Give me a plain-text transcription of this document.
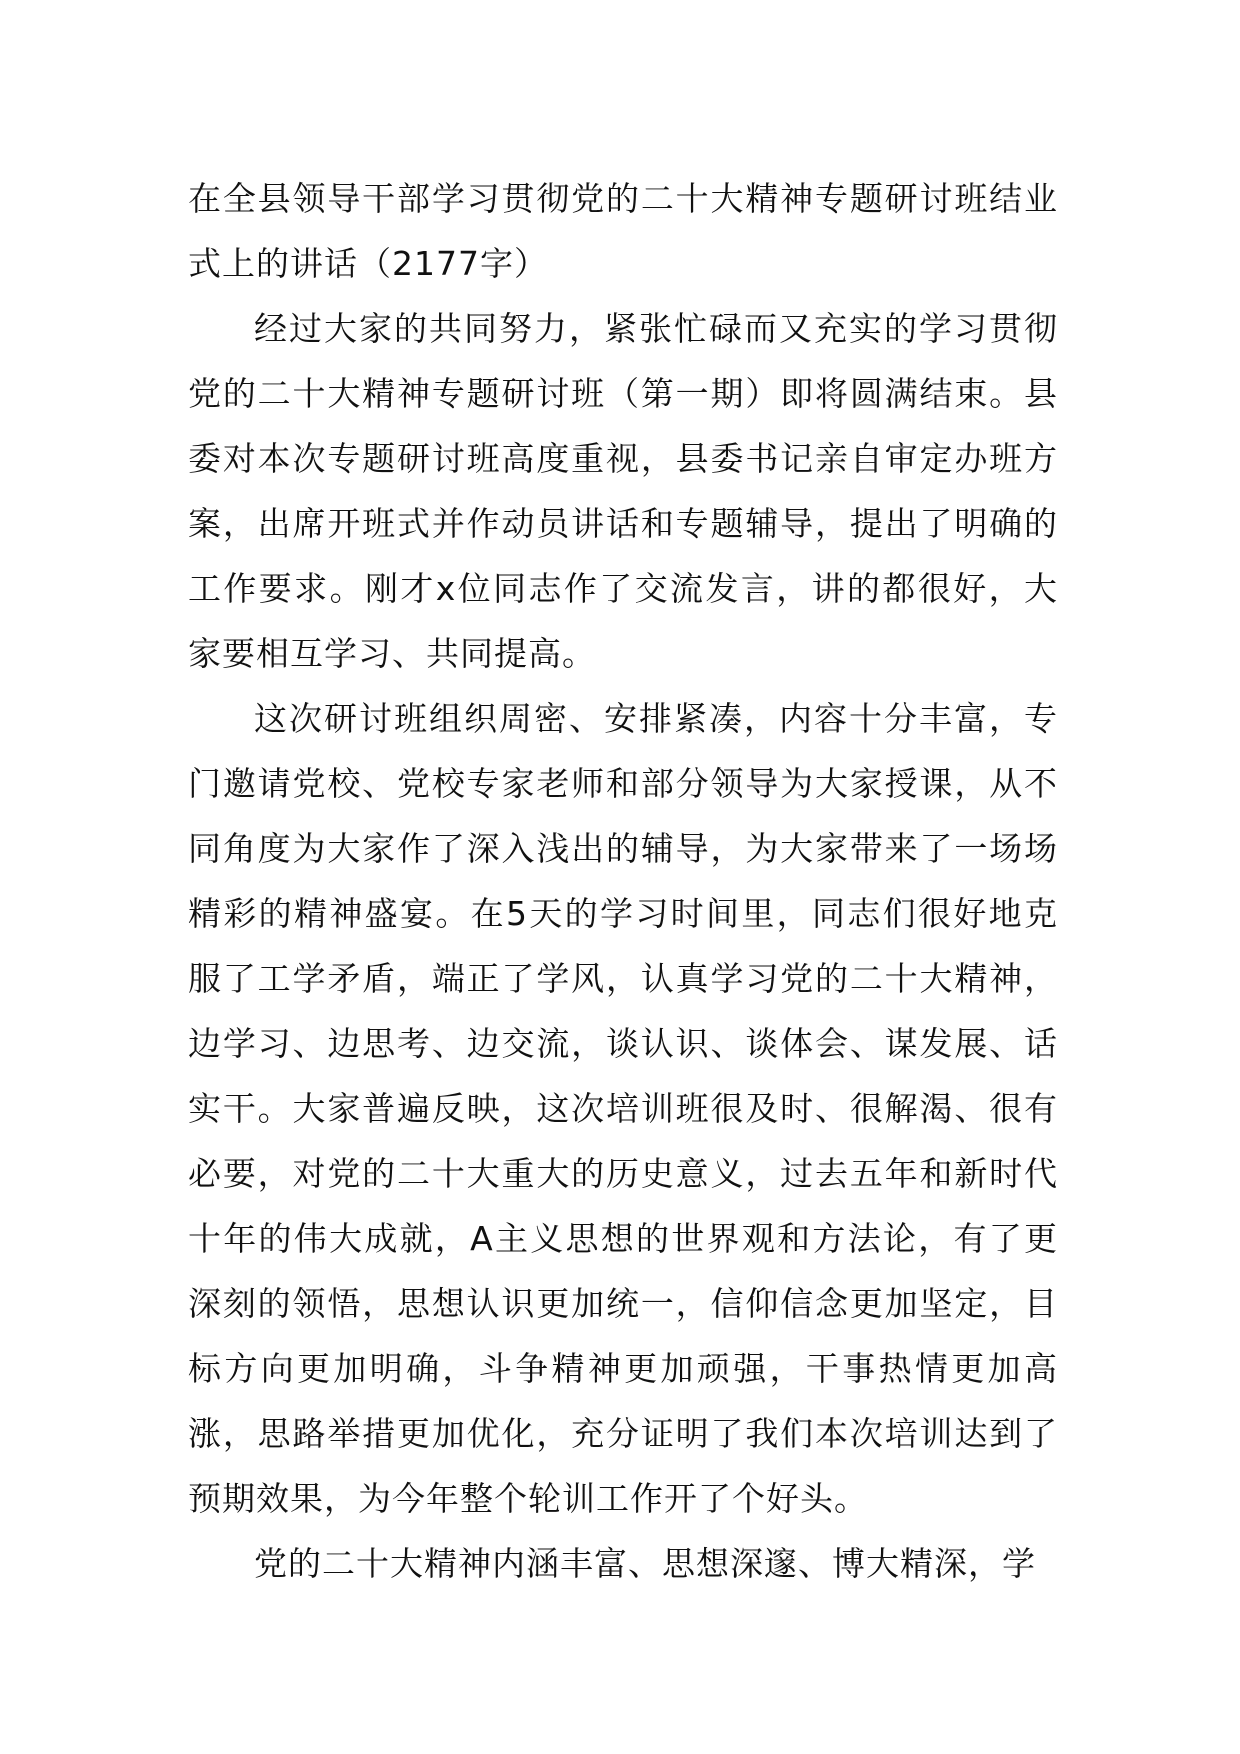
在全县领导干部学习贯彻党的二十大精神专题研讨班结业式上的讲话（2177字）

经过大家的共同努力，紧张忙碌而又充实的学习贯彻党的二十大精神专题研讨班（第一期）即将圆满结束。县委对本次专题研讨班高度重视，县委书记亲自审定办班方案，出席开班式并作动员讲话和专题辅导，提出了明确的工作要求。刚才x位同志作了交流发言，讲的都很好，大家要相互学习、共同提高。

这次研讨班组织周密、安排紧凑，内容十分丰富，专门邀请党校、党校专家老师和部分领导为大家授课，从不同角度为大家作了深入浅出的辅导，为大家带来了一场场精彩的精神盛宴。在5天的学习时间里，同志们很好地克服了工学矛盾，端正了学风，认真学习党的二十大精神，边学习、边思考、边交流，谈认识、谈体会、谋发展、话实干。大家普遍反映，这次培训班很及时、很解渴、很有必要，对党的二十大重大的历史意义，过去五年和新时代十年的伟大成就，A主义思想的世界观和方法论，有了更深刻的领悟，思想认识更加统一，信仰信念更加坚定，目标方向更加明确，斗争精神更加顽强，干事热情更加高涨，思路举措更加优化，充分证明了我们本次培训达到了预期效果，为今年整个轮训工作开了个好头。

党的二十大精神内涵丰富、思想深邃、博大精深，学
